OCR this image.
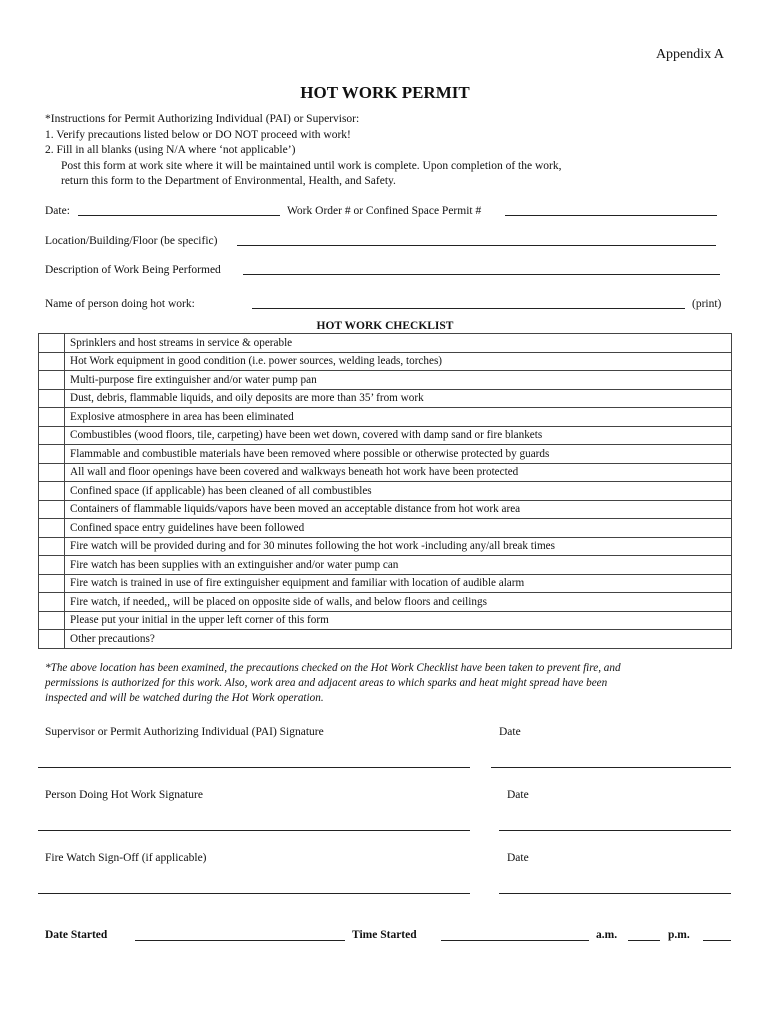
Appendix A
HOT WORK PERMIT
*Instructions for Permit Authorizing Individual (PAI) or Supervisor:
1. Verify precautions listed below or DO NOT proceed with work!
2. Fill in all blanks (using N/A where ‘not applicable’)
Post this form at work site where it will be maintained until work is complete. Upon completion of the work,
return this form to the Department of Environmental, Health, and Safety.
Date:	Work Order # or Confined Space Permit #
Location/Building/Floor (be specific)
Description of Work Being Performed
Name of person doing hot work:	(print)
HOT WORK CHECKLIST
	Sprinklers and host streams in service & operable
	Hot Work equipment in good condition (i.e. power sources, welding leads, torches)
	Multi-purpose fire extinguisher and/or water pump pan
	Dust, debris, flammable liquids, and oily deposits are more than 35’ from work
	Explosive atmosphere in area has been eliminated
	Combustibles (wood floors, tile, carpeting) have been wet down, covered with damp sand or fire blankets
	Flammable and combustible materials have been removed where possible or otherwise protected by guards
	All wall and floor openings have been covered and walkways beneath hot work have been protected
	Confined space (if applicable) has been cleaned of all combustibles
	Containers of flammable liquids/vapors have been moved an acceptable distance from hot work area
	Confined space entry guidelines have been followed
	Fire watch will be provided during and for 30 minutes following the hot work -including any/all break times
	Fire watch has been supplies with an extinguisher and/or water pump can
	Fire watch is trained in use of fire extinguisher equipment and familiar with location of audible alarm
	Fire watch, if needed,, will be placed on opposite side of walls, and below floors and ceilings
	Please put your initial in the upper left corner of this form
	Other precautions?
*The above location has been examined, the precautions checked on the Hot Work Checklist have been taken to prevent fire, and
permissions is authorized for this work. Also, work area and adjacent areas to which sparks and heat might spread have been
inspected and will be watched during the Hot Work operation.
Supervisor or Permit Authorizing Individual (PAI) Signature	Date
Person Doing Hot Work Signature	Date
Fire Watch Sign-Off (if applicable)	Date
Date Started	Time Started	a.m.	p.m.
